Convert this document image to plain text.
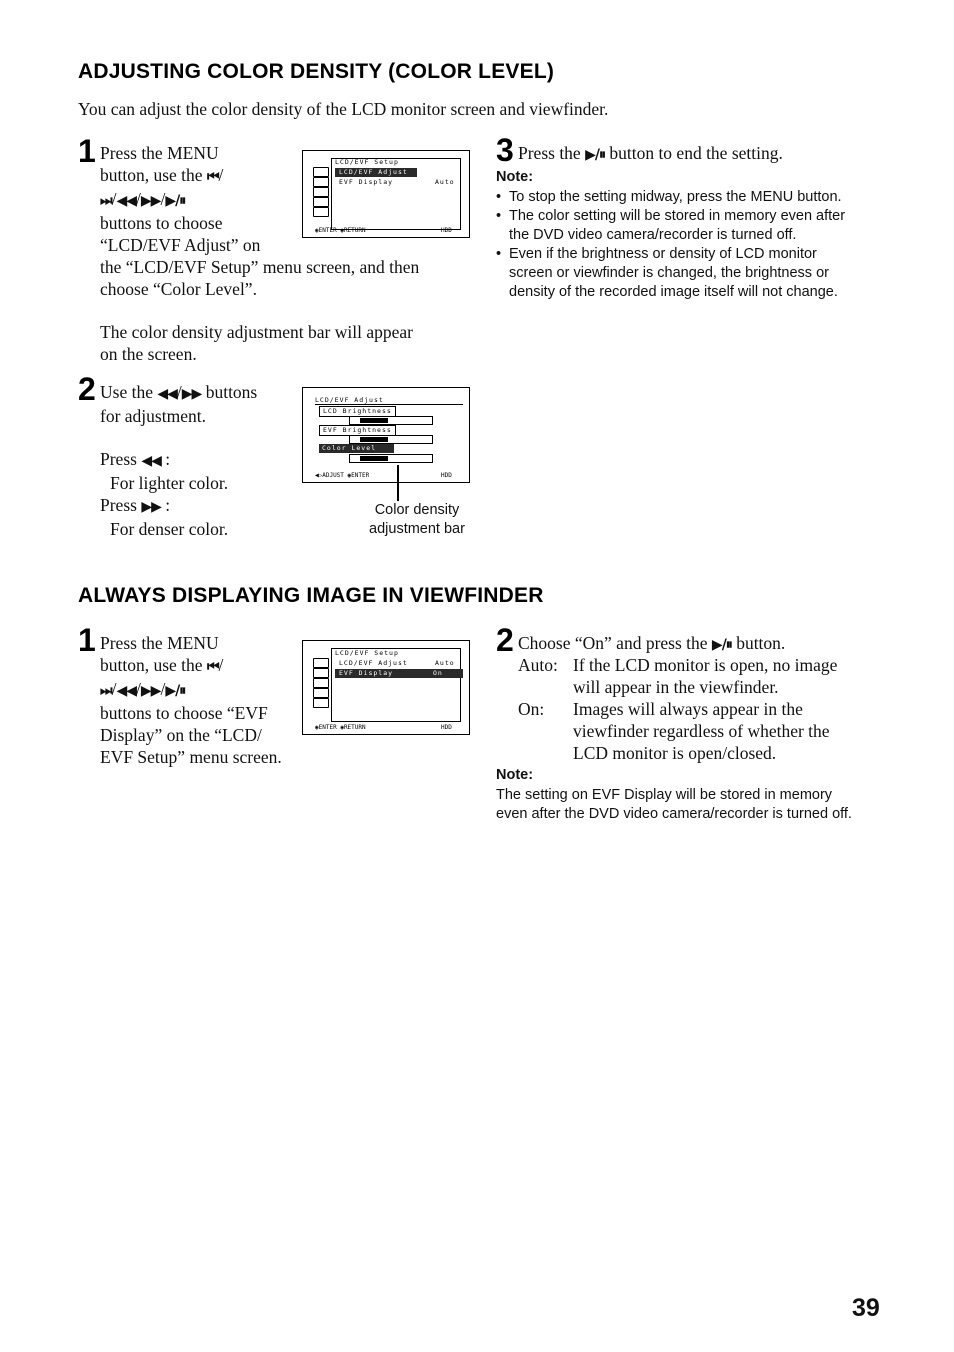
ADJUSTING COLOR DENSITY (COLOR LEVEL)
You can adjust the color density of the LCD monitor screen and viewfinder.
1 Press the MENU
button, use the ⏮/
⏭/◀◀/▶▶/▶/⏸
buttons to choose
“LCD/EVF Adjust” on
the “LCD/EVF Setup” menu screen, and then
choose “Color Level”.
The color density adjustment bar will appear
on the screen.
LCD/EVF Setup
LCD/EVF Adjust
EVF Display	Auto
◉ENTER ◉RETURN	HDD
2 Use the ◀◀/▶▶ buttons
for adjustment.
Press ◀◀ :
For lighter color.
Press ▶▶ :
For denser color.
LCD/EVF Adjust
LCD Brightness
EVF Brightness
Color Level
◀▷ADJUST ◉ENTER	HDD
Color density
adjustment bar
3 Press the ▶/⏸ button to end the setting.
Note:
• To stop the setting midway, press the MENU button.
• The color setting will be stored in memory even after
the DVD video camera/recorder is turned off.
• Even if the brightness or density of LCD monitor
screen or viewfinder is changed, the brightness or
density of the recorded image itself will not change.
ALWAYS DISPLAYING IMAGE IN VIEWFINDER
1 Press the MENU
button, use the ⏮/
⏭/◀◀/▶▶/▶/⏸
buttons to choose “EVF
Display” on the “LCD/
EVF Setup” menu screen.
LCD/EVF Setup
LCD/EVF Adjust	Auto
EVF Display	On
◉ENTER ◉RETURN	HDD
2 Choose “On” and press the ▶/⏸ button.
Auto: If the LCD monitor is open, no image
will appear in the viewfinder.
On:	Images will always appear in the
viewfinder regardless of whether the
LCD monitor is open/closed.
Note:
The setting on EVF Display will be stored in memory
even after the DVD video camera/recorder is turned off.
39
